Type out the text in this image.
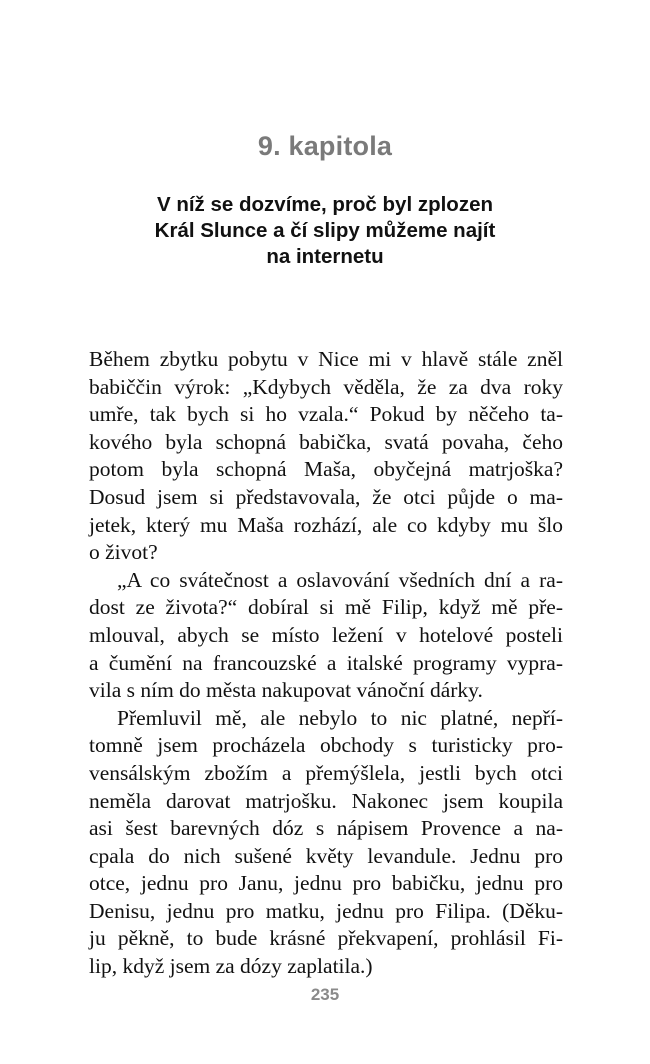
9. kapitola
V níž se dozvíme, proč byl zplozen
Král Slunce a čí slipy můžeme najít
na internetu
Během zbytku pobytu v Nice mi v hlavě stále zněl
babiččin výrok: „Kdybych věděla, že za dva roky
umře, tak bych si ho vzala.“ Pokud by něčeho ta-
kového byla schopná babička, svatá povaha, čeho
potom byla schopná Maša, obyčejná matrjoška?
Dosud jsem si představovala, že otci půjde o ma-
jetek, který mu Maša rozhází, ale co kdyby mu šlo
o život?
„A co svátečnost a oslavování všedních dní a ra-
dost ze života?“ dobíral si mě Filip, když mě pře-
mlouval, abych se místo ležení v hotelové posteli
a čumění na francouzské a italské programy vypra-
vila s ním do města nakupovat vánoční dárky.
Přemluvil mě, ale nebylo to nic platné, nepří-
tomně jsem procházela obchody s turisticky pro-
vensálským zbožím a přemýšlela, jestli bych otci
neměla darovat matrjošku. Nakonec jsem koupila
asi šest barevných dóz s nápisem Provence a na-
cpala do nich sušené květy levandule. Jednu pro
otce, jednu pro Janu, jednu pro babičku, jednu pro
Denisu, jednu pro matku, jednu pro Filipa. (Děku-
ju pěkně, to bude krásné překvapení, prohlásil Fi-
lip, když jsem za dózy zaplatila.)
235
